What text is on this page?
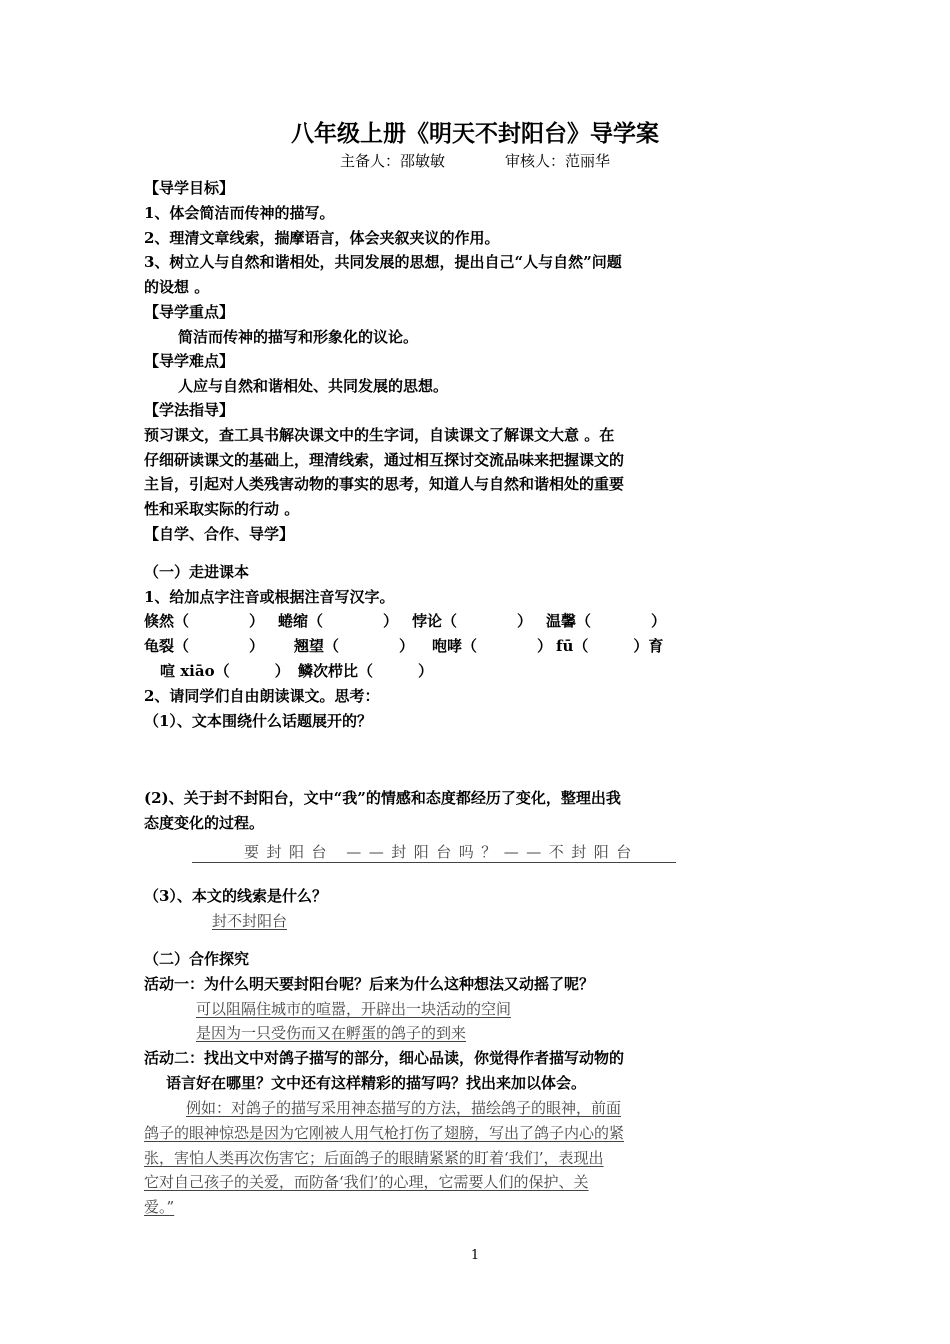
八年级上册《明天不封阳台》导学案
主备人：邵敏敏	审核人：范丽华
【导学目标】
1、体会简洁而传神的描写。
2、理清文章线索，揣摩语言，体会夹叙夹议的作用。
3、树立人与自然和谐相处，共同发展的思想，提出自己“人与自然”问题
的设想 。
【导学重点】
简洁而传神的描写和形象化的议论。
【导学难点】
人应与自然和谐相处、共同发展的思想。
【学法指导】
预习课文，查工具书解决课文中的生字词，自读课文了解课文大意 。在
仔细研读课文的基础上，理清线索，通过相互探讨交流品味来把握课文的
主旨，引起对人类残害动物的事实的思考，知道人与自然和谐相处的重要
性和采取实际的行动 。
【自学、合作、导学】
（一）走进课本
1、给加点字注音或根据注音写汉字。
倏然（　　　　） 蜷缩（　　　　） 悖论（　　　　） 温馨（　　　　）
龟裂（　　　　） 翘望（　　　　） 咆哮（　　　　） fū（　　　）育
喧 xiāo（　　　） 鳞次栉比（　　　）
2、请同学们自由朗读课文。思考：
（1）、文本围绕什么话题展开的？
(2)、关于封不封阳台，文中“我”的情感和态度都经历了变化，整理出我
态度变化的过程。
要封阳台 ——封阳台吗？——不封阳台
（3）、本文的线索是什么？
封不封阳台
（二）合作探究
活动一：为什么明天要封阳台呢？后来为什么这种想法又动摇了呢？
可以阻隔住城市的喧嚣，开辟出一块活动的空间
是因为一只受伤而又在孵蛋的鸽子的到来
活动二：找出文中对鸽子描写的部分，细心品读，你觉得作者描写动物的
语言好在哪里？文中还有这样精彩的描写吗？找出来加以体会。
例如：对鸽子的描写采用神态描写的方法，描绘鸽子的眼神，前面
鸽子的眼神惊恐是因为它刚被人用气枪打伤了翅膀，写出了鸽子内心的紧
张，害怕人类再次伤害它；后面鸽子的眼睛紧紧的盯着‘我们’，表现出
它对自己孩子的关爱，而防备‘我们’的心理，它需要人们的保护、关
爱。”
1
